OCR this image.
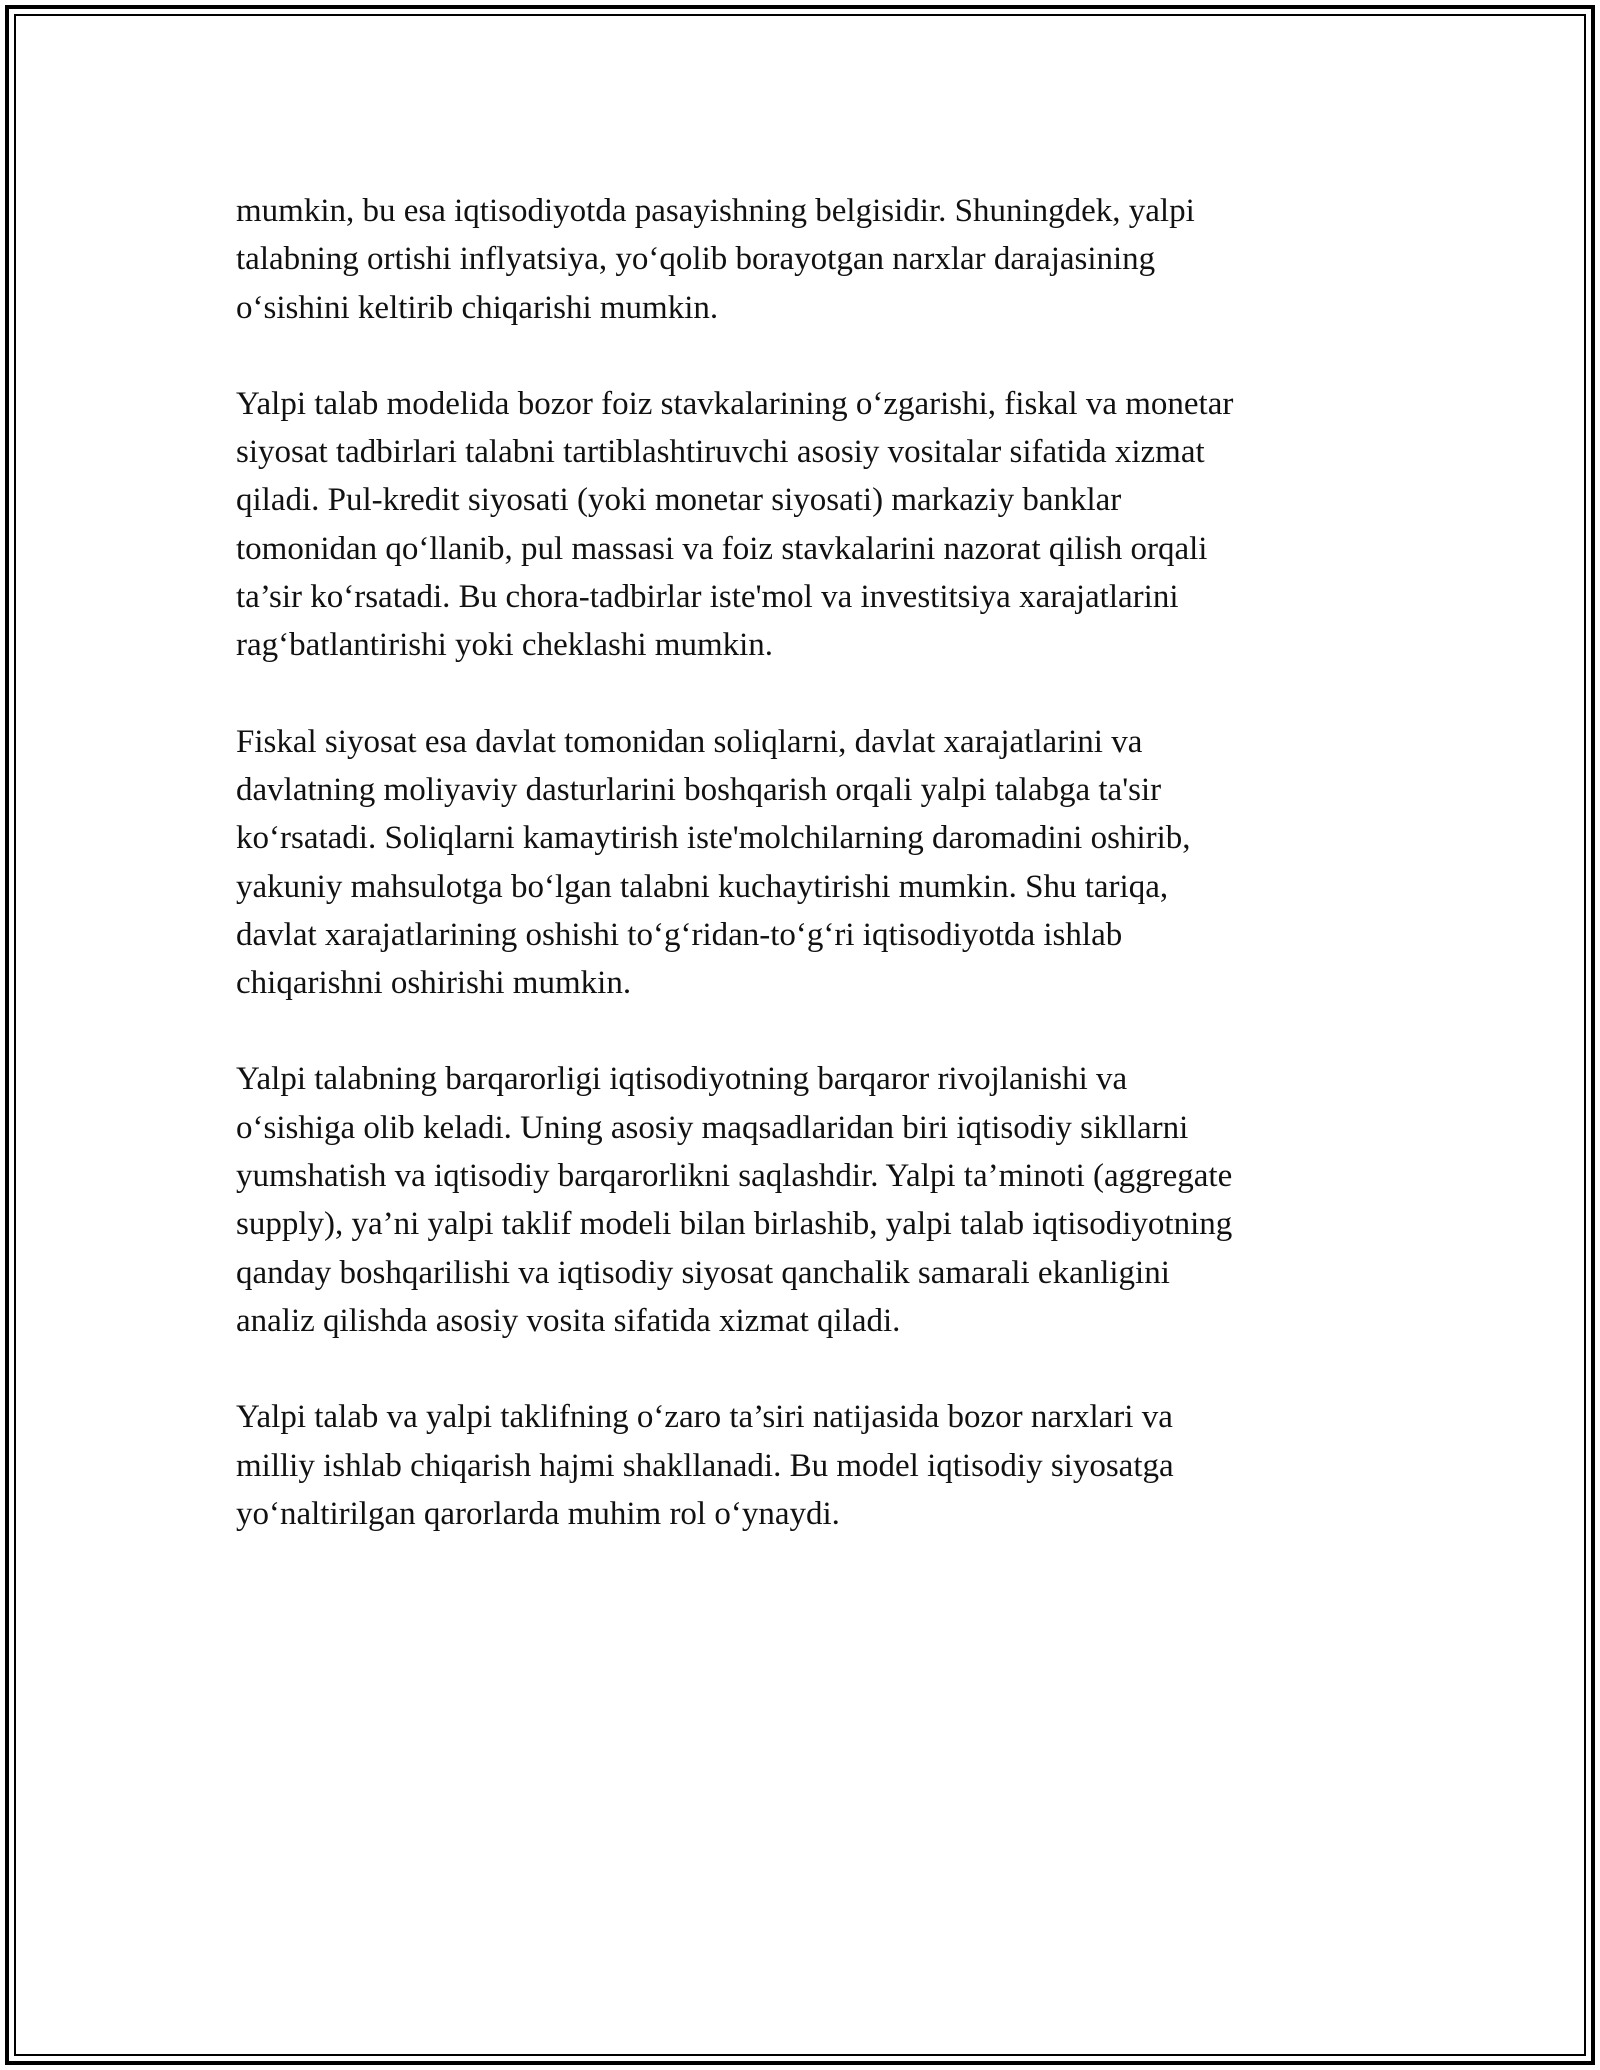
mumkin, bu esa iqtisodiyotda pasayishning belgisidir. Shuningdek, yalpi
talabning ortishi inflyatsiya, yo‘qolib borayotgan narxlar darajasining
o‘sishini keltirib chiqarishi mumkin.

Yalpi talab modelida bozor foiz stavkalarining o‘zgarishi, fiskal va monetar
siyosat tadbirlari talabni tartiblashtiruvchi asosiy vositalar sifatida xizmat
qiladi. Pul-kredit siyosati (yoki monetar siyosati) markaziy banklar
tomonidan qo‘llanib, pul massasi va foiz stavkalarini nazorat qilish orqali
ta’sir ko‘rsatadi. Bu chora-tadbirlar iste'mol va investitsiya xarajatlarini
rag‘batlantirishi yoki cheklashi mumkin.

Fiskal siyosat esa davlat tomonidan soliqlarni, davlat xarajatlarini va
davlatning moliyaviy dasturlarini boshqarish orqali yalpi talabga ta'sir
ko‘rsatadi. Soliqlarni kamaytirish iste'molchilarning daromadini oshirib,
yakuniy mahsulotga bo‘lgan talabni kuchaytirishi mumkin. Shu tariqa,
davlat xarajatlarining oshishi to‘g‘ridan-to‘g‘ri iqtisodiyotda ishlab
chiqarishni oshirishi mumkin.

Yalpi talabning barqarorligi iqtisodiyotning barqaror rivojlanishi va
o‘sishiga olib keladi. Uning asosiy maqsadlaridan biri iqtisodiy sikllarni
yumshatish va iqtisodiy barqarorlikni saqlashdir. Yalpi ta’minoti (aggregate
supply), ya’ni yalpi taklif modeli bilan birlashib, yalpi talab iqtisodiyotning
qanday boshqarilishi va iqtisodiy siyosat qanchalik samarali ekanligini
analiz qilishda asosiy vosita sifatida xizmat qiladi.

Yalpi talab va yalpi taklifning o‘zaro ta’siri natijasida bozor narxlari va
milliy ishlab chiqarish hajmi shakllanadi. Bu model iqtisodiy siyosatga
yo‘naltirilgan qarorlarda muhim rol o‘ynaydi.
